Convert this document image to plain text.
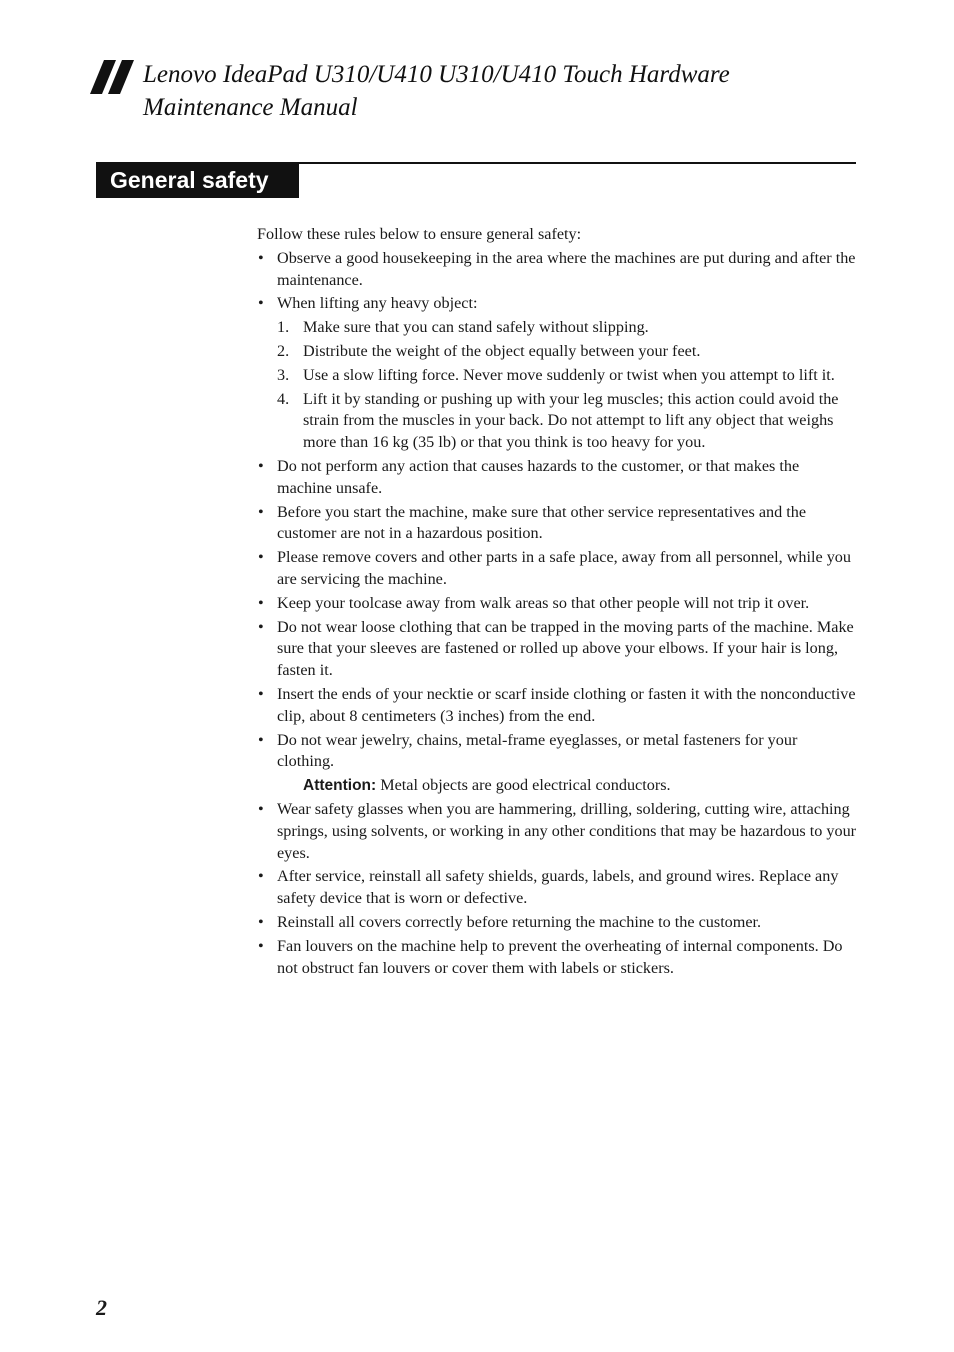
Lenovo IdeaPad U310/U410 U310/U410 Touch Hardware
Maintenance Manual
General safety

Follow these rules below to ensure general safety:

• Observe a good housekeeping in the area where the machines are put during and after the maintenance.
• When lifting any heavy object:
1. Make sure that you can stand safely without slipping.
2. Distribute the weight of the object equally between your feet.
3. Use a slow lifting force. Never move suddenly or twist when you attempt to lift it.
4. Lift it by standing or pushing up with your leg muscles; this action could avoid the strain from the muscles in your back. Do not attempt to lift any object that weighs more than 16 kg (35 lb) or that you think is too heavy for you.
• Do not perform any action that causes hazards to the customer, or that makes the machine unsafe.
• Before you start the machine, make sure that other service representatives and the customer are not in a hazardous position.
• Please remove covers and other parts in a safe place, away from all personnel, while you are servicing the machine.
• Keep your toolcase away from walk areas so that other people will not trip it over.
• Do not wear loose clothing that can be trapped in the moving parts of the machine. Make sure that your sleeves are fastened or rolled up above your elbows. If your hair is long, fasten it.
• Insert the ends of your necktie or scarf inside clothing or fasten it with the nonconductive clip, about 8 centimeters (3 inches) from the end.
• Do not wear jewelry, chains, metal-frame eyeglasses, or metal fasteners for your clothing.
Attention: Metal objects are good electrical conductors.
• Wear safety glasses when you are hammering, drilling, soldering, cutting wire, attaching springs, using solvents, or working in any other conditions that may be hazardous to your eyes.
• After service, reinstall all safety shields, guards, labels, and ground wires. Replace any safety device that is worn or defective.
• Reinstall all covers correctly before returning the machine to the customer.
• Fan louvers on the machine help to prevent the overheating of internal components. Do not obstruct fan louvers or cover them with labels or stickers.

2
